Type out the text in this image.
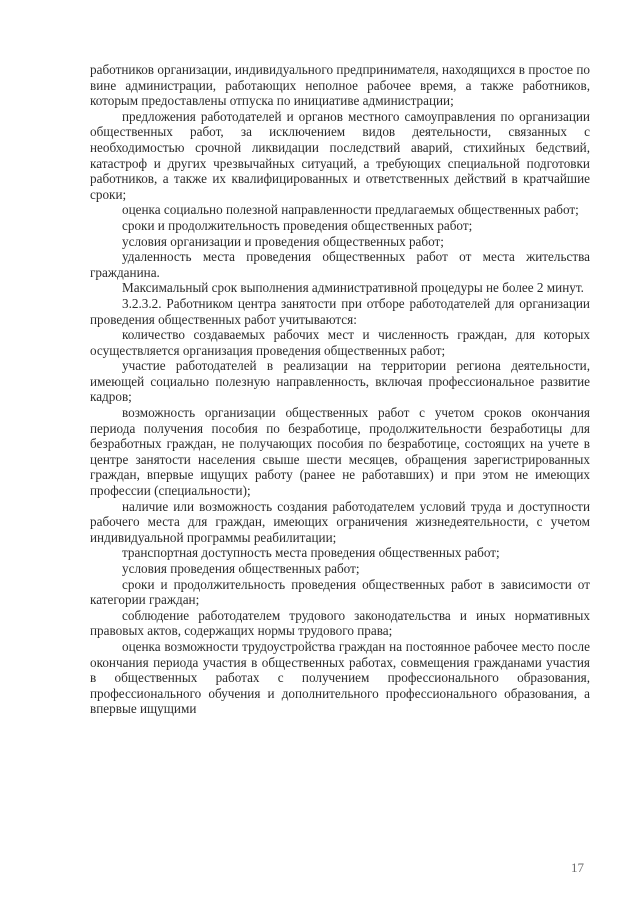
работников организации, индивидуального предпринимателя, находящихся в простое по вине администрации, работающих неполное рабочее время, а также работников, которым предоставлены отпуска по инициативе администрации;

предложения работодателей и органов местного самоуправления по организации общественных работ, за исключением видов деятельности, связанных с необходимостью срочной ликвидации последствий аварий, стихийных бедствий, катастроф и других чрезвычайных ситуаций, а требующих специальной подготовки работников, а также их квалифицированных и ответственных действий в кратчайшие сроки;

оценка социально полезной направленности предлагаемых общественных работ;

сроки и продолжительность проведения общественных работ;

условия организации и проведения общественных работ;

удаленность места проведения общественных работ от места жительства гражданина.

Максимальный срок выполнения административной процедуры не более 2 минут.

3.2.3.2. Работником центра занятости при отборе работодателей для организации проведения общественных работ учитываются:

количество создаваемых рабочих мест и численность граждан, для которых осуществляется организация проведения общественных работ;

участие работодателей в реализации на территории региона деятельности, имеющей социально полезную направленность, включая профессиональное развитие кадров;

возможность организации общественных работ с учетом сроков окончания периода получения пособия по безработице, продолжительности безработицы для безработных граждан, не получающих пособия по безработице, состоящих на учете в центре занятости населения свыше шести месяцев, обращения зарегистрированных граждан, впервые ищущих работу (ранее не работавших) и при этом не имеющих профессии (специальности);

наличие или возможность создания работодателем условий труда и доступности рабочего места для граждан, имеющих ограничения жизнедеятельности, с учетом индивидуальной программы реабилитации;

транспортная доступность места проведения общественных работ;

условия проведения общественных работ;

сроки и продолжительность проведения общественных работ в зависимости от категории граждан;

соблюдение работодателем трудового законодательства и иных нормативных правовых актов, содержащих нормы трудового права;

оценка возможности трудоустройства граждан на постоянное рабочее место после окончания периода участия в общественных работах, совмещения гражданами участия в общественных работах с получением профессионального образования, профессионального обучения и дополнительного профессионального образования, а впервые ищущими

17
